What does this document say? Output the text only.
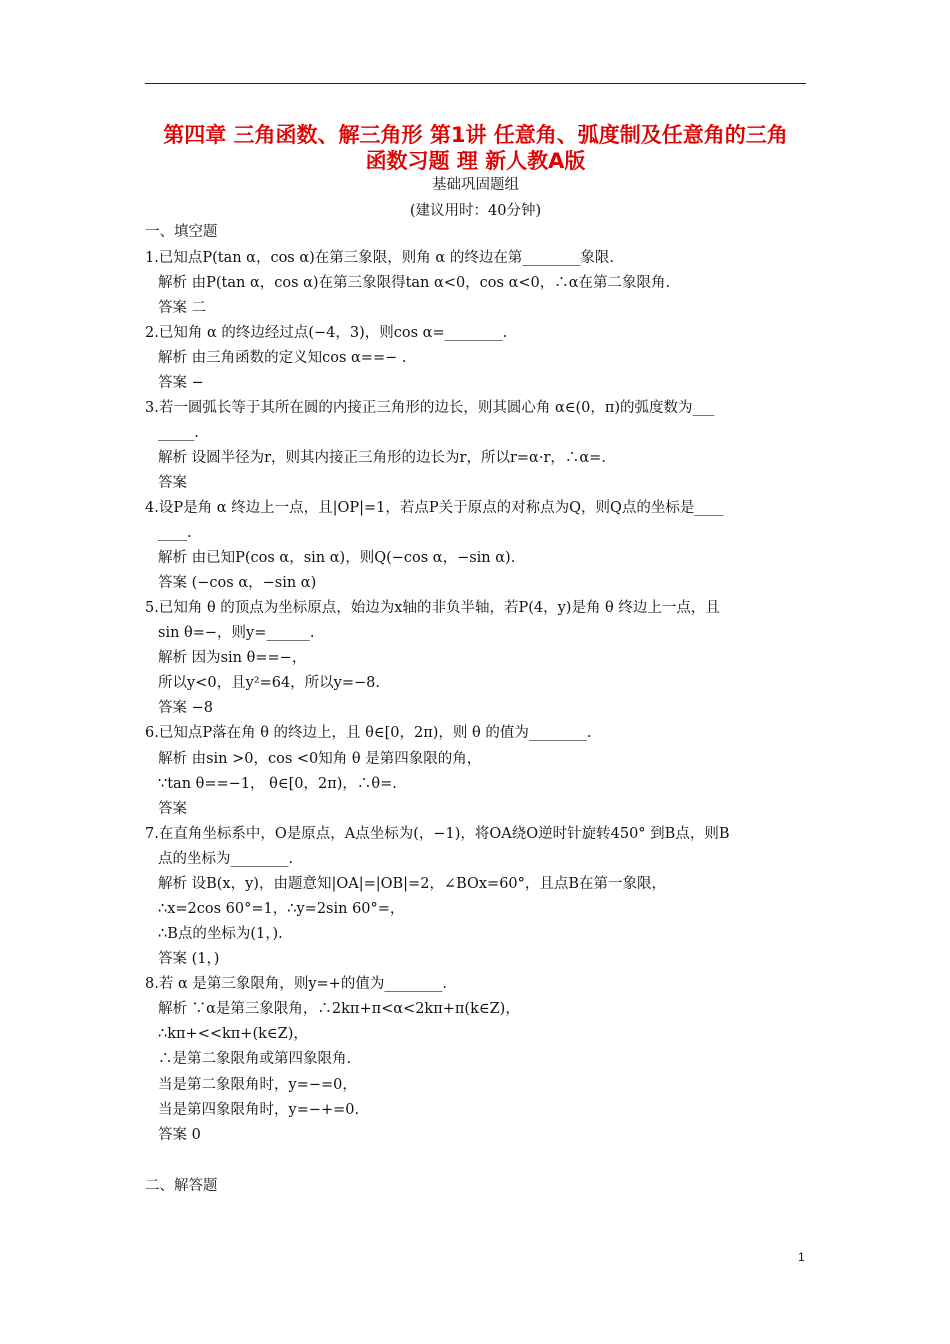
第四章 三角函数、解三角形 第1讲 任意角、弧度制及任意角的三角
函数习题 理 新人教A版
基础巩固题组
(建议用时：40分钟)
一、填空题
1.已知点P(tan α，cos α)在第三象限，则角 α 的终边在第________象限.
解析 由P(tan α，cos α)在第三象限得tan α<0，cos α<0，∴α在第二象限角.
答案 二
2.已知角 α 的终边经过点(−4，3)，则cos α=________.
解析 由三角函数的定义知cos α==− .
答案 −
3.若一圆弧长等于其所在圆的内接正三角形的边长，则其圆心角 α∈(0，π)的弧度数为___
_____.
解析 设圆半径为r，则其内接正三角形的边长为r，所以r=α·r，∴α=.
答案
4.设P是角 α 终边上一点，且|OP|=1，若点P关于原点的对称点为Q，则Q点的坐标是____
____.
解析 由已知P(cos α，sin α)，则Q(−cos α，−sin α).
答案 (−cos α，−sin α)
5.已知角 θ 的顶点为坐标原点，始边为x轴的非负半轴，若P(4，y)是角 θ 终边上一点，且
sin θ=−，则y=______.
解析 因为sin θ==−，
所以y<0，且y²=64，所以y=−8.
答案 −8
6.已知点P落在角 θ 的终边上，且 θ∈[0，2π)，则 θ 的值为________.
解析 由sin >0，cos <0知角 θ 是第四象限的角，
∵tan θ==−1， θ∈[0，2π)，∴θ=.
答案
7.在直角坐标系中，O是原点，A点坐标为(，−1)，将OA绕O逆时针旋转450° 到B点，则B
点的坐标为________.
解析 设B(x，y)，由题意知|OA|=|OB|=2，∠BOx=60°，且点B在第一象限，
∴x=2cos 60°=1，∴y=2sin 60°=，
∴B点的坐标为(1，).
答案 (1，)
8.若 α 是第三象限角，则y=+的值为________.
解析 ∵α是第三象限角，∴2kπ+π<α<2kπ+π(k∈Z)，
∴kπ+<<kπ+(k∈Z)，
∴是第二象限角或第四象限角.
当是第二象限角时，y=−=0，
当是第四象限角时，y=−+=0.
答案 0
二、解答题
1
